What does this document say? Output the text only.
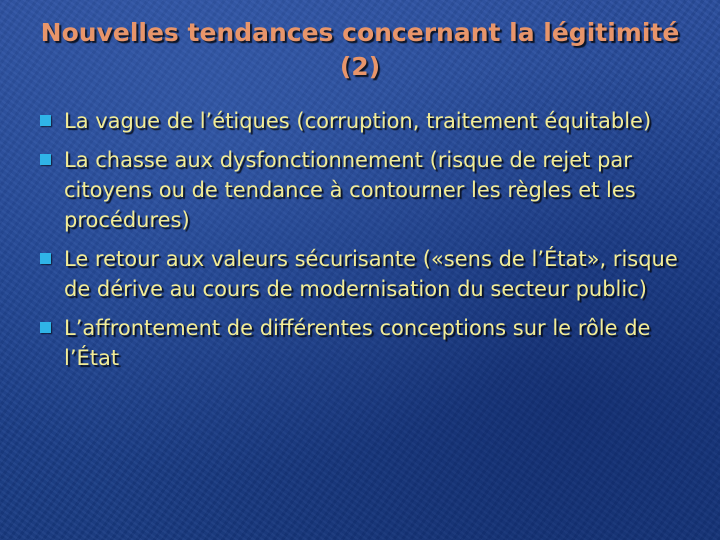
Nouvelles tendances concernant la légitimité (2)
La vague de l’étiques (corruption, traitement équitable)
La chasse aux dysfonctionnement (risque de rejet par citoyens ou de tendance à contourner les règles et les procédures)
Le retour aux valeurs sécurisante («sens de l’État», risque de dérive au cours de modernisation du secteur public)
L’affrontement de différentes conceptions sur le rôle de l’État
